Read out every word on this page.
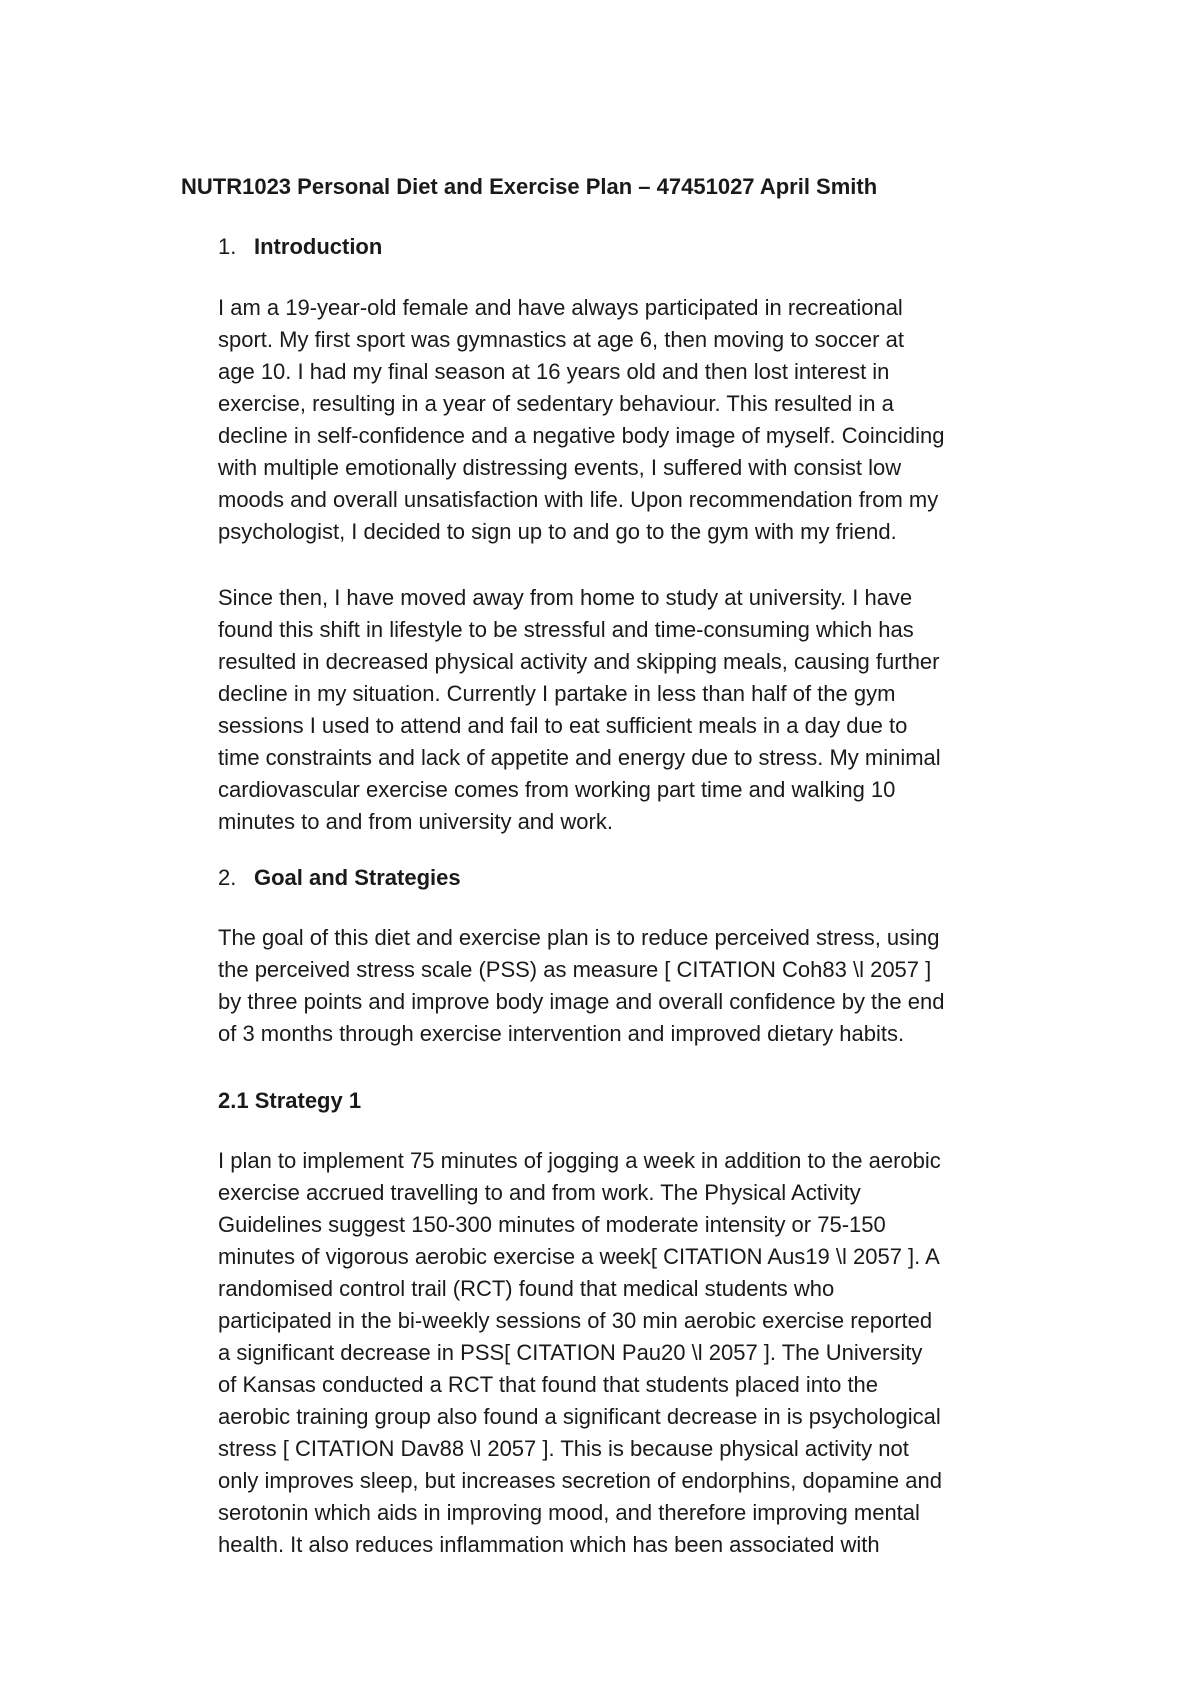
NUTR1023 Personal Diet and Exercise Plan – 47451027 April Smith
1. Introduction
I am a 19-year-old female and have always participated in recreational
sport. My first sport was gymnastics at age 6, then moving to soccer at
age 10. I had my final season at 16 years old and then lost interest in
exercise, resulting in a year of sedentary behaviour. This resulted in a
decline in self-confidence and a negative body image of myself. Coinciding
with multiple emotionally distressing events, I suffered with consist low
moods and overall unsatisfaction with life. Upon recommendation from my
psychologist, I decided to sign up to and go to the gym with my friend.
Since then, I have moved away from home to study at university. I have
found this shift in lifestyle to be stressful and time-consuming which has
resulted in decreased physical activity and skipping meals, causing further
decline in my situation. Currently I partake in less than half of the gym
sessions I used to attend and fail to eat sufficient meals in a day due to
time constraints and lack of appetite and energy due to stress. My minimal
cardiovascular exercise comes from working part time and walking 10
minutes to and from university and work.
2. Goal and Strategies
The goal of this diet and exercise plan is to reduce perceived stress, using
the perceived stress scale (PSS) as measure [ CITATION Coh83 \l 2057 ]
by three points and improve body image and overall confidence by the end
of 3 months through exercise intervention and improved dietary habits.
2.1 Strategy 1
I plan to implement 75 minutes of jogging a week in addition to the aerobic
exercise accrued travelling to and from work. The Physical Activity
Guidelines suggest 150-300 minutes of moderate intensity or 75-150
minutes of vigorous aerobic exercise a week[ CITATION Aus19 \l 2057 ]. A
randomised control trail (RCT) found that medical students who
participated in the bi-weekly sessions of 30 min aerobic exercise reported
a significant decrease in PSS[ CITATION Pau20 \l 2057 ]. The University
of Kansas conducted a RCT that found that students placed into the
aerobic training group also found a significant decrease in is psychological
stress [ CITATION Dav88 \l 2057 ]. This is because physical activity not
only improves sleep, but increases secretion of endorphins, dopamine and
serotonin which aids in improving mood, and therefore improving mental
health. It also reduces inflammation which has been associated with
